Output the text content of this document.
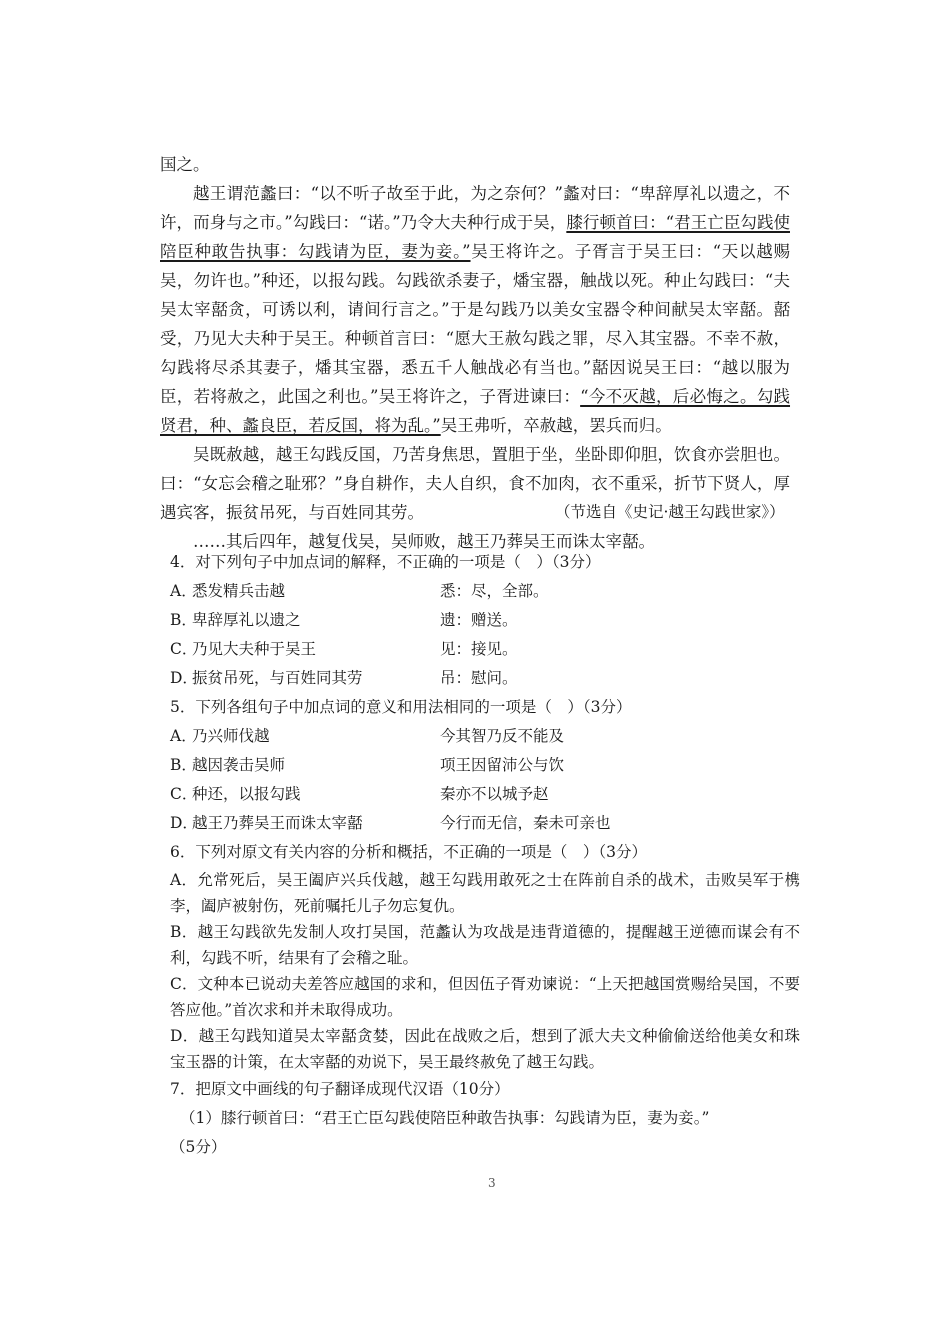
国之。

越王谓范蠡曰：“以不听子故至于此，为之奈何？”蠡对曰：“卑辞厚礼以遗之，不许，而身与之市。”勾践曰：“诺。”乃令大夫种行成于吴，膝行顿首曰：“君王亡臣勾践使陪臣种敢告执事：勾践请为臣，妻为妾。”吴王将许之。子胥言于吴王曰：“天以越赐吴，勿许也。”种还，以报勾践。勾践欲杀妻子，燔宝器，触战以死。种止勾践曰：“夫吴太宰嚭贪，可诱以利，请间行言之。”于是勾践乃以美女宝器令种间献吴太宰嚭。嚭受，乃见大夫种于吴王。种顿首言曰：“愿大王赦勾践之罪，尽入其宝器。不幸不赦，勾践将尽杀其妻子，燔其宝器，悉五千人触战必有当也。”嚭因说吴王曰：“越以服为臣，若将赦之，此国之利也。”吴王将许之，子胥进谏曰：“今不灭越，后必悔之。勾践贤君，种、蠡良臣，若反国，将为乱。”吴王弗听，卒赦越，罢兵而归。

吴既赦越，越王勾践反国，乃苦身焦思，置胆于坐，坐卧即仰胆，饮食亦尝胆也。曰：“女忘会稽之耻邪？”身自耕作，夫人自织，食不加肉，衣不重采，折节下贤人，厚遇宾客，振贫吊死，与百姓同其劳。

……其后四年，越复伐吴，吴师败，越王乃葬吴王而诛太宰嚭。

（节选自《史记·越王勾践世家》）

4．对下列句子中加点词的解释，不正确的一项是（　）（3分）

A．
悉发精兵击越	悉：尽，全部。
B．
卑辞厚礼以遗之	遗：赠送。
C．
乃见大夫种于吴王	见：接见。
D．
振贫吊死，与百姓同其劳	吊：慰问。

5．下列各组句子中加点词的意义和用法相同的一项是（　）（3分）

A．
乃兴师伐越	今其智乃反不能及
B．
越因袭击吴师	项王因留沛公与饮
C．
种还，以报勾践	秦亦不以城予赵
D．
越王乃葬吴王而诛太宰嚭	今行而无信，秦未可亲也

6．下列对原文有关内容的分析和概括，不正确的一项是（　）（3分）

A．允常死后，吴王阖庐兴兵伐越，越王勾践用敢死之士在阵前自杀的战术，击败吴军于槜李，阖庐被射伤，死前嘱托儿子勿忘复仇。

B．越王勾践欲先发制人攻打吴国，范蠡认为攻战是违背道德的，提醒越王逆德而谋会有不利，勾践不听，结果有了会稽之耻。

C．文种本已说动夫差答应越国的求和，但因伍子胥劝谏说：“上天把越国赏赐给吴国，不要答应他。”首次求和并未取得成功。

D．越王勾践知道吴太宰嚭贪婪，因此在战败之后，想到了派大夫文种偷偷送给他美女和珠宝玉器的计策，在太宰嚭的劝说下，吴王最终赦免了越王勾践。

7．把原文中画线的句子翻译成现代汉语（10分）

（1）膝行顿首曰：“君王亡臣勾践使陪臣种敢告执事：勾践请为臣，妻为妾。”

（5分）

3
